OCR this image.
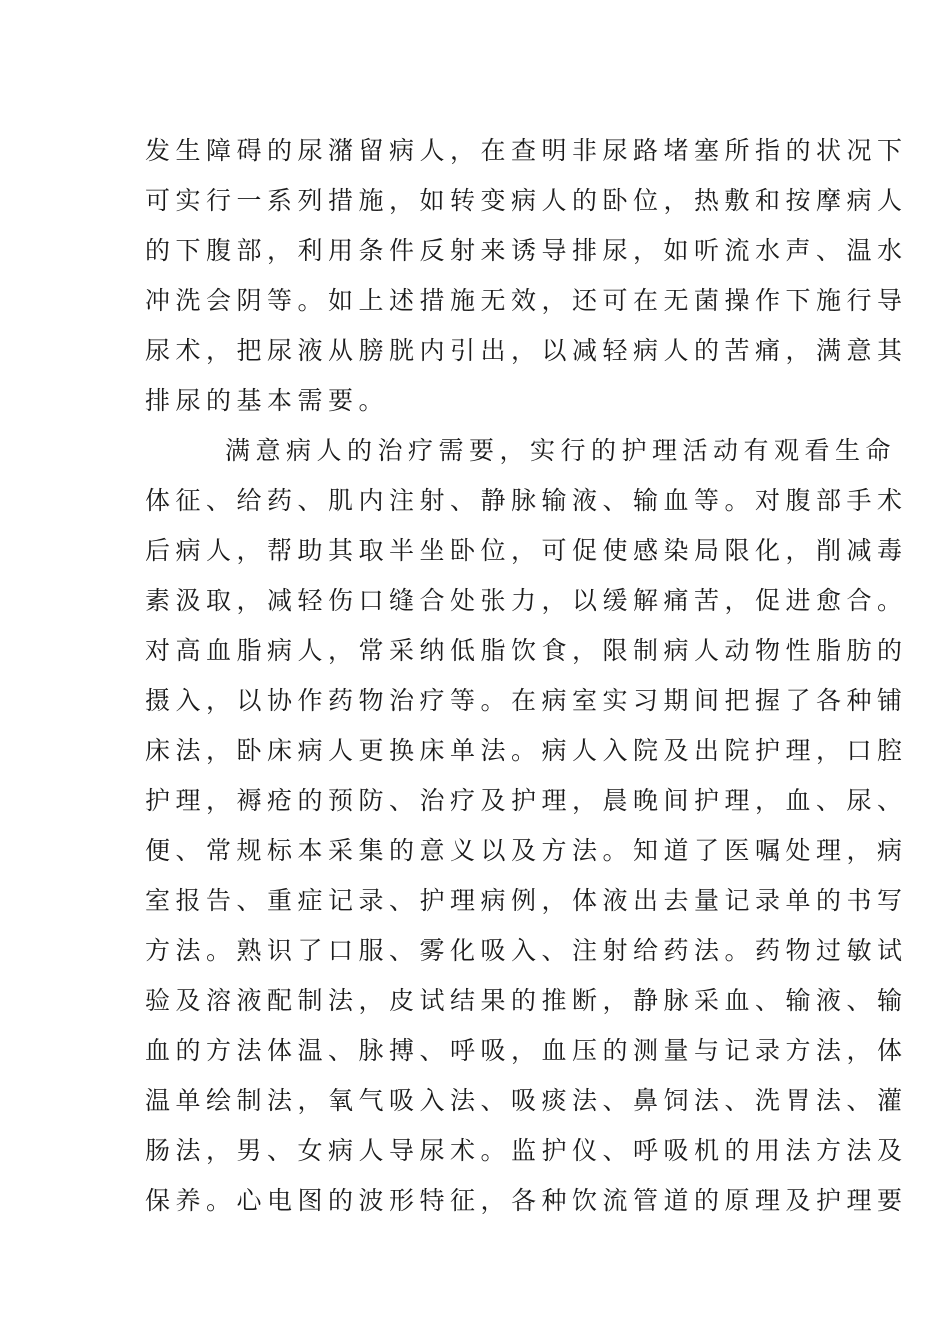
发生障碍的尿潴留病人，在查明非尿路堵塞所指的状况下
可实行一系列措施，如转变病人的卧位，热敷和按摩病人
的下腹部，利用条件反射来诱导排尿，如听流水声、温水
冲洗会阴等。如上述措施无效，还可在无菌操作下施行导
尿术，把尿液从膀胱内引出，以减轻病人的苦痛，满意其
排尿的基本需要。
满意病人的治疗需要，实行的护理活动有观看生命
体征、给药、肌内注射、静脉输液、输血等。对腹部手术
后病人，帮助其取半坐卧位，可促使感染局限化，削减毒
素汲取，减轻伤口缝合处张力，以缓解痛苦，促进愈合。
对高血脂病人，常采纳低脂饮食，限制病人动物性脂肪的
摄入，以协作药物治疗等。在病室实习期间把握了各种铺
床法，卧床病人更换床单法。病人入院及出院护理，口腔
护理，褥疮的预防、治疗及护理，晨晚间护理，血、尿、
便、常规标本采集的意义以及方法。知道了医嘱处理，病
室报告、重症记录、护理病例，体液出去量记录单的书写
方法。熟识了口服、雾化吸入、注射给药法。药物过敏试
验及溶液配制法，皮试结果的推断，静脉采血、输液、输
血的方法体温、脉搏、呼吸，血压的测量与记录方法，体
温单绘制法，氧气吸入法、吸痰法、鼻饲法、洗胃法、灌
肠法，男、女病人导尿术。监护仪、呼吸机的用法方法及
保养。心电图的波形特征，各种饮流管道的原理及护理要
